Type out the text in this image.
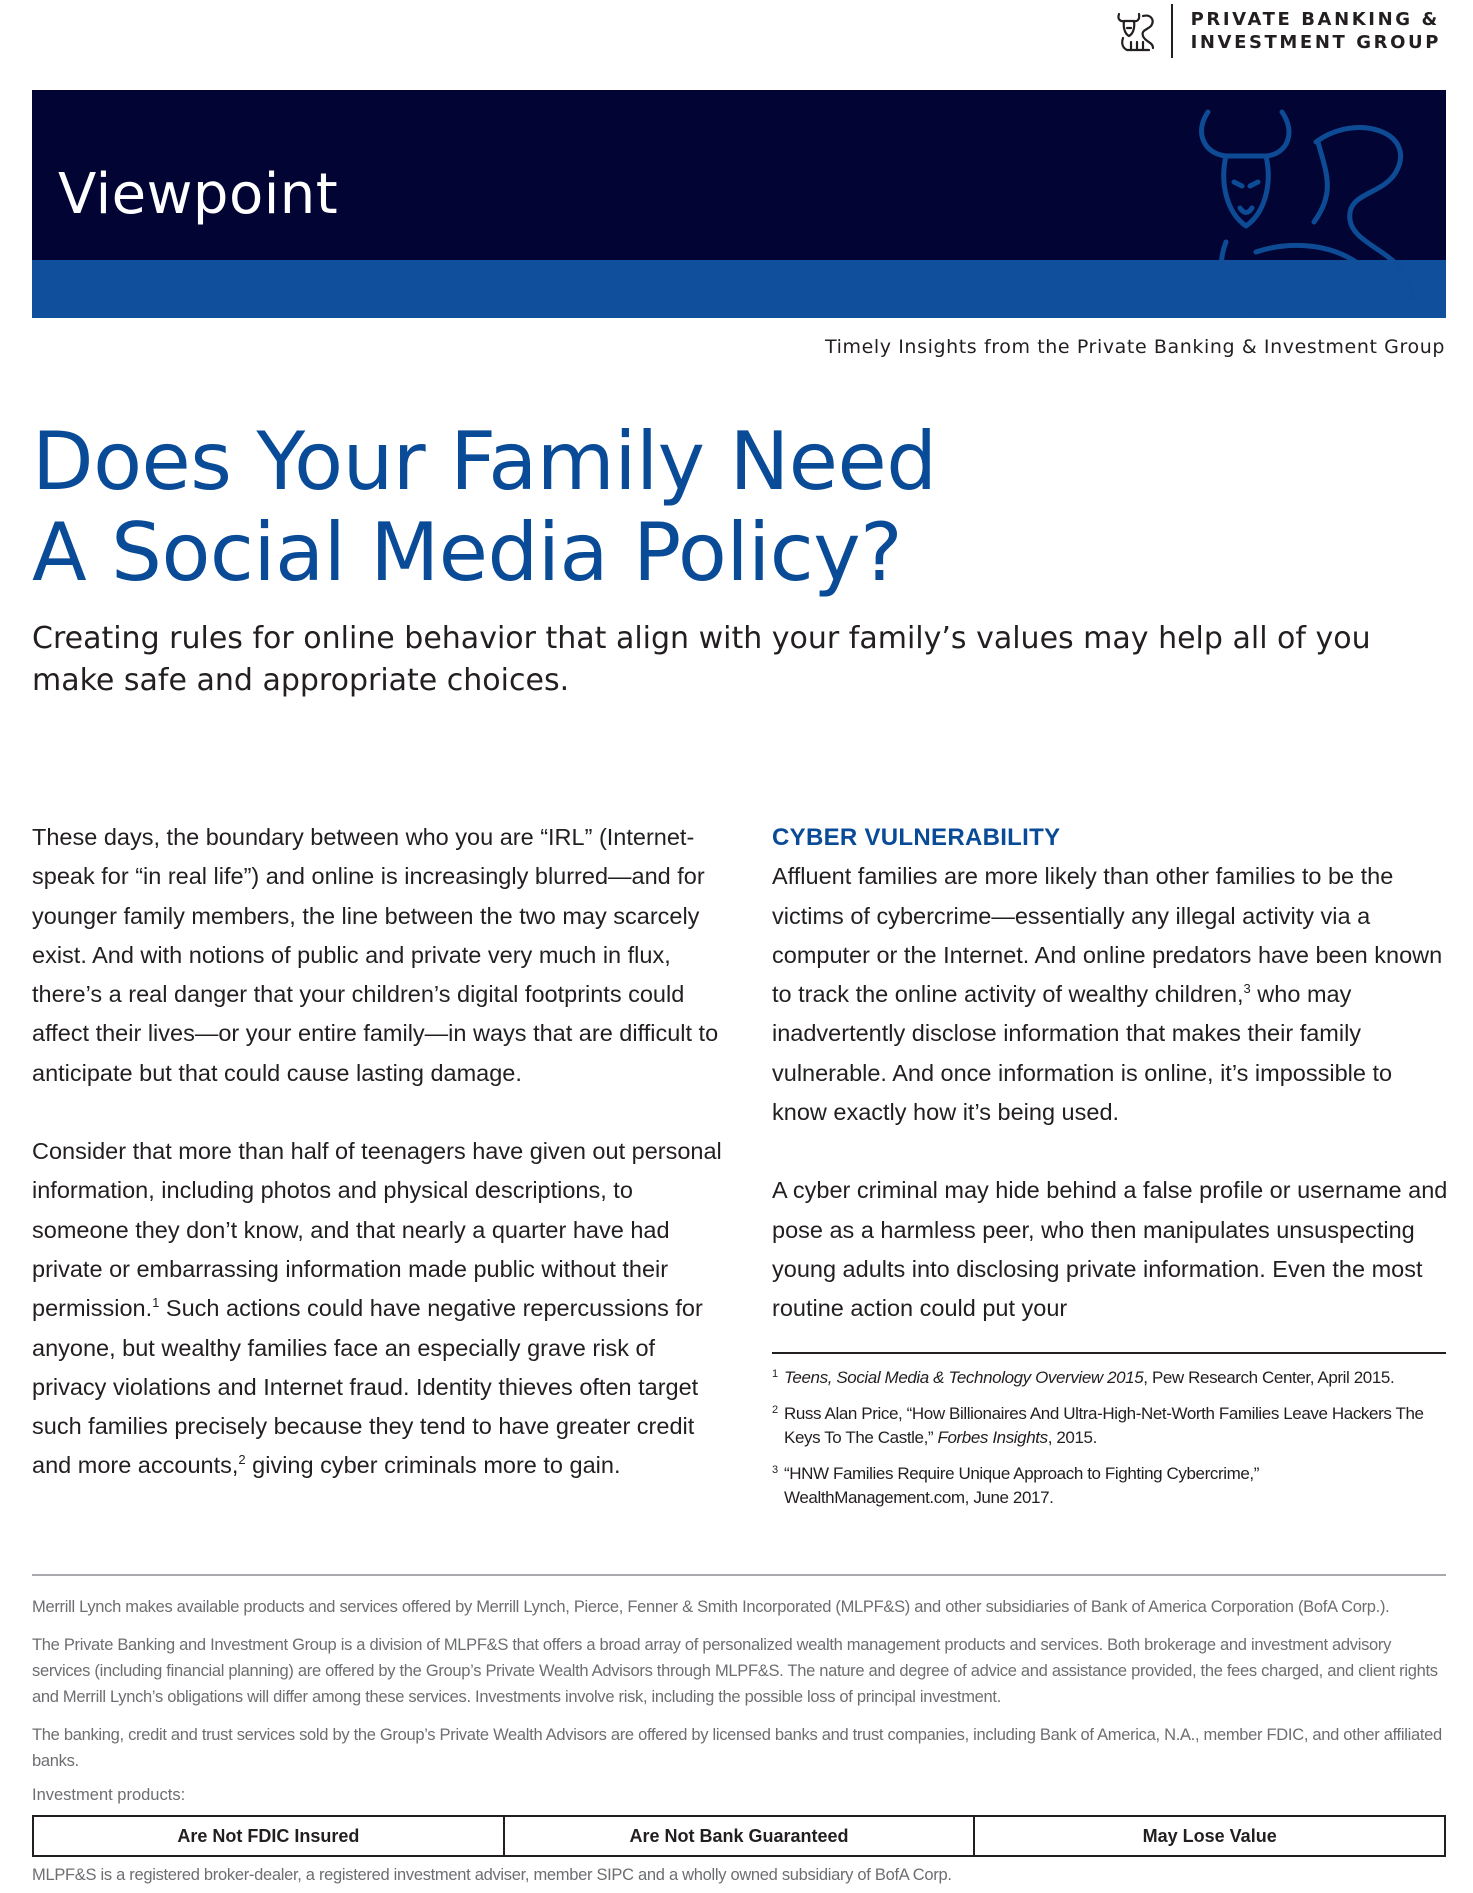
PRIVATE BANKING &
INVESTMENT GROUP
Viewpoint
Timely Insights from the Private Banking & Investment Group
Does Your Family Need
A Social Media Policy?
Creating rules for online behavior that align with your family’s values may help all of you make safe and appropriate choices.

These days, the boundary between who you are “IRL” (Internet-speak for “in real life”) and online is increasingly blurred—and for younger family members, the line between the two may scarcely exist. And with notions of public and private very much in flux, there’s a real danger that your children’s digital footprints could affect their lives—or your entire family—in ways that are difficult to anticipate but that could cause lasting damage.

Consider that more than half of teenagers have given out personal information, including photos and physical descriptions, to someone they don’t know, and that nearly a quarter have had private or embarrassing information made public without their permission.$^1$ Such actions could have negative repercussions for anyone, but wealthy families face an especially grave risk of privacy violations and Internet fraud. Identity thieves often target such families precisely because they tend to have greater credit and more accounts,$^2$ giving cyber criminals more to gain.

CYBER VULNERABILITY

Affluent families are more likely than other families to be the victims of cybercrime—essentially any illegal activity via a computer or the Internet. And online predators have been known to track the online activity of wealthy children,$^3$ who may inadvertently disclose information that makes their family vulnerable. And once information is online, it’s impossible to know exactly how it’s being used.

A cyber criminal may hide behind a false profile or username and pose as a harmless peer, who then manipulates unsuspecting young adults into disclosing private information. Even the most routine action could put your

1 Teens, Social Media & Technology Overview 2015, Pew Research Center, April 2015.
2 Russ Alan Price, “How Billionaires And Ultra-High-Net-Worth Families Leave Hackers The Keys To The Castle,” Forbes Insights, 2015.
3 “HNW Families Require Unique Approach to Fighting Cybercrime,” WealthManagement.com, June 2017.

Merrill Lynch makes available products and services offered by Merrill Lynch, Pierce, Fenner & Smith Incorporated (MLPF&S) and other subsidiaries of Bank of America Corporation (BofA Corp.).

The Private Banking and Investment Group is a division of MLPF&S that offers a broad array of personalized wealth management products and services. Both brokerage and investment advisory services (including financial planning) are offered by the Group’s Private Wealth Advisors through MLPF&S. The nature and degree of advice and assistance provided, the fees charged, and client rights and Merrill Lynch’s obligations will differ among these services. Investments involve risk, including the possible loss of principal investment.

The banking, credit and trust services sold by the Group’s Private Wealth Advisors are offered by licensed banks and trust companies, including Bank of America, N.A., member FDIC, and other affiliated banks.

Investment products:
Are Not FDIC Insured	Are Not Bank Guaranteed	May Lose Value
MLPF&S is a registered broker-dealer, a registered investment adviser, member SIPC and a wholly owned subsidiary of BofA Corp.
